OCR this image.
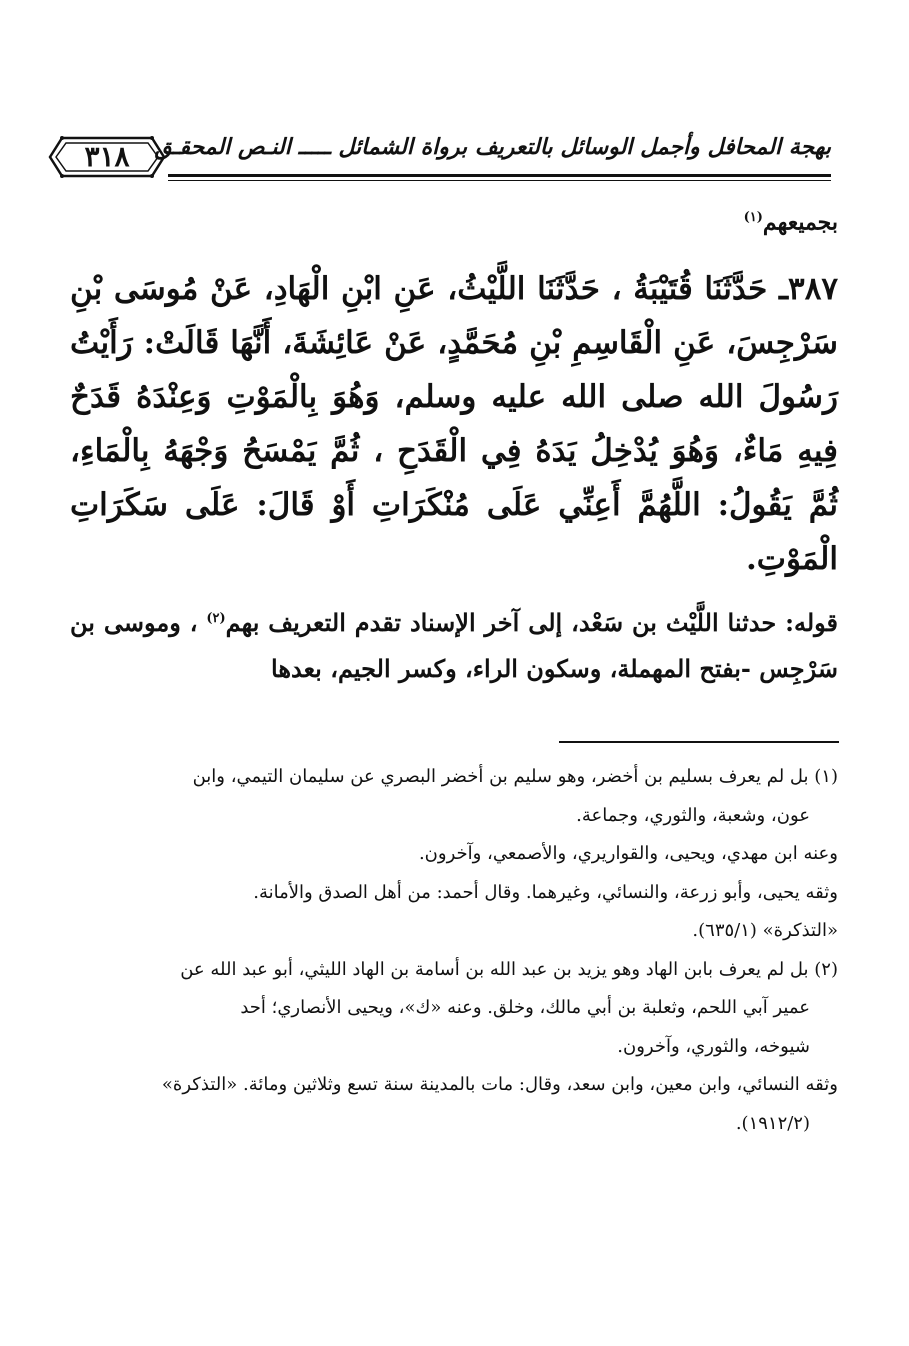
٣١٨	بهجة المحافل وأجمل الوسائل بالتعريف برواة الشمائل ـــــ النـص المحقـق
بجميعهم$^{(١)}$
٣٨٧ـ حَدَّثَنَا قُتَيْبَةُ ، حَدَّثَنَا اللَّيْثُ، عَنِ ابْنِ الْهَادِ، عَنْ مُوسَى بْنِ سَرْجِسَ، عَنِ الْقَاسِمِ بْنِ مُحَمَّدٍ، عَنْ عَائِشَةَ، أَنَّهَا قَالَتْ: رَأَيْتُ رَسُولَ الله صلى الله عليه وسلم، وَهُوَ بِالْمَوْتِ وَعِنْدَهُ قَدَحٌ فِيهِ مَاءٌ، وَهُوَ يُدْخِلُ يَدَهُ فِي الْقَدَحِ ، ثُمَّ يَمْسَحُ وَجْهَهُ بِالْمَاءِ، ثُمَّ يَقُولُ: اللَّهُمَّ أَعِنِّي عَلَى مُنْكَرَاتِ أَوْ قَالَ: عَلَى سَكَرَاتِ الْمَوْتِ.
قوله: حدثنا اللَّيْث بن سَعْد، إلى آخر الإسناد تقدم التعريف بهم$^{(٢)}$ ، وموسى بن سَرْجِس -بفتح المهملة، وسكون الراء، وكسر الجيم، بعدها

(١) بل لم يعرف بسليم بن أخضر، وهو سليم بن أخضر البصري عن سليمان التيمي، وابن

عون، وشعبة، والثوري، وجماعة.

وعنه ابن مهدي، ويحيى، والقواريري، والأصمعي، وآخرون.

وثقه يحيى، وأبو زرعة، والنسائي، وغيرهما. وقال أحمد: من أهل الصدق والأمانة.

«التذكرة» (٦٣٥/١).

(٢) بل لم يعرف بابن الهاد وهو يزيد بن عبد الله بن أسامة بن الهاد الليثي، أبو عبد الله عن

عمير آبي اللحم، وثعلبة بن أبي مالك، وخلق. وعنه «ك»، ويحيى الأنصاري؛ أحد

شيوخه، والثوري، وآخرون.

وثقه النسائي، وابن معين، وابن سعد، وقال: مات بالمدينة سنة تسع وثلاثين ومائة. «التذكرة»

(١٩١٢/٢).
